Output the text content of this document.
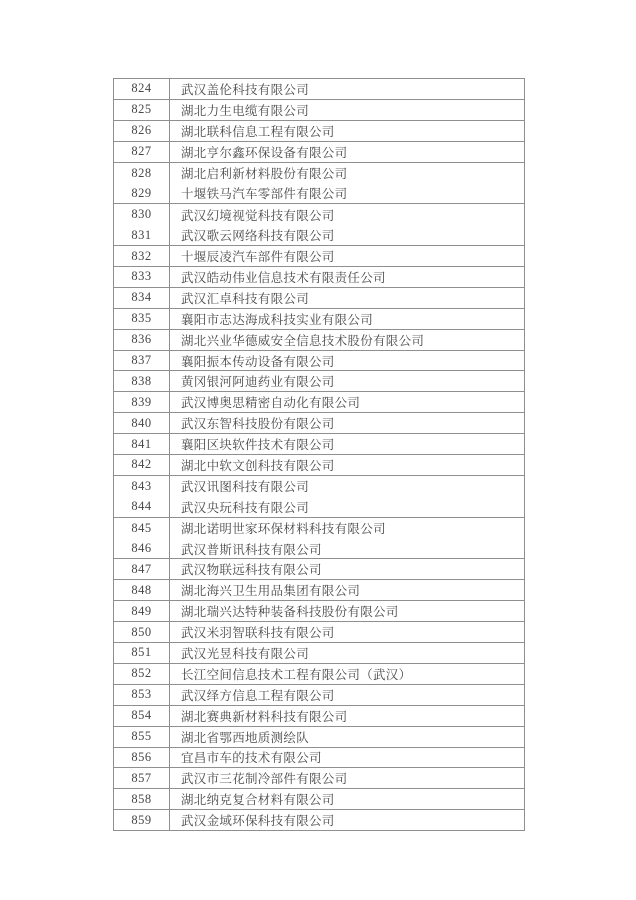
824	武汉盖伦科技有限公司
825	湖北力生电缆有限公司
826	湖北联科信息工程有限公司
827	湖北亨尔鑫环保设备有限公司
828	湖北启利新材料股份有限公司
829	十堰铁马汽车零部件有限公司
830	武汉幻境视觉科技有限公司
831	武汉歌云网络科技有限公司
832	十堰辰凌汽车部件有限公司
833	武汉皓动伟业信息技术有限责任公司
834	武汉汇卓科技有限公司
835	襄阳市志达海成科技实业有限公司
836	湖北兴业华德威安全信息技术股份有限公司
837	襄阳振本传动设备有限公司
838	黄冈银河阿迪药业有限公司
839	武汉博奥思精密自动化有限公司
840	武汉东智科技股份有限公司
841	襄阳区块软件技术有限公司
842	湖北中软文创科技有限公司
843	武汉讯图科技有限公司
844	武汉央玩科技有限公司
845	湖北诺明世家环保材料科技有限公司
846	武汉普斯讯科技有限公司
847	武汉物联远科技有限公司
848	湖北海兴卫生用品集团有限公司
849	湖北瑞兴达特种装备科技股份有限公司
850	武汉米羽智联科技有限公司
851	武汉光昱科技有限公司
852	长江空间信息技术工程有限公司（武汉）
853	武汉绎方信息工程有限公司
854	湖北赛典新材料科技有限公司
855	湖北省鄂西地质测绘队
856	宜昌市车的技术有限公司
857	武汉市三花制冷部件有限公司
858	湖北纳克复合材料有限公司
859	武汉金域环保科技有限公司
